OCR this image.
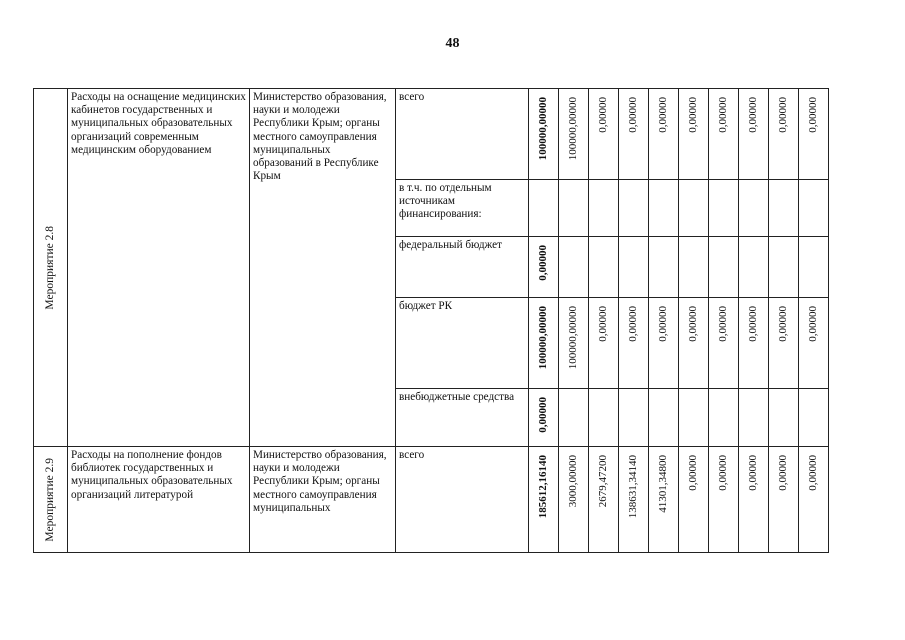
48
Мероприятие 2.8	Расходы на оснащение медицинских кабинетов государственных и муниципальных образовательных организаций современным медицинским оборудованием	Министерство образования, науки и молодежи Республики Крым; органы местного самоуправления муниципальных образований в Республике Крым	всего	100000,00000	100000,00000	0,00000	0,00000	0,00000	0,00000	0,00000	0,00000	0,00000	0,00000

			в т.ч. по отдельным источникам финансирования:										

			федеральный бюджет	0,00000									

			бюджет РК	100000,00000	100000,00000	0,00000	0,00000	0,00000	0,00000	0,00000	0,00000	0,00000	0,00000

			внебюджетные средства	0,00000									

Мероприятие 2.9	Расходы на пополнение фондов библиотек государственных и муниципальных образовательных организаций литературой	Министерство образования, науки и молодежи Республики Крым; органы местного самоуправления муниципальных	всего	185612,16140	3000,00000	2679,47200	138631,34140	41301,34800	0,00000	0,00000	0,00000	0,00000	0,00000
